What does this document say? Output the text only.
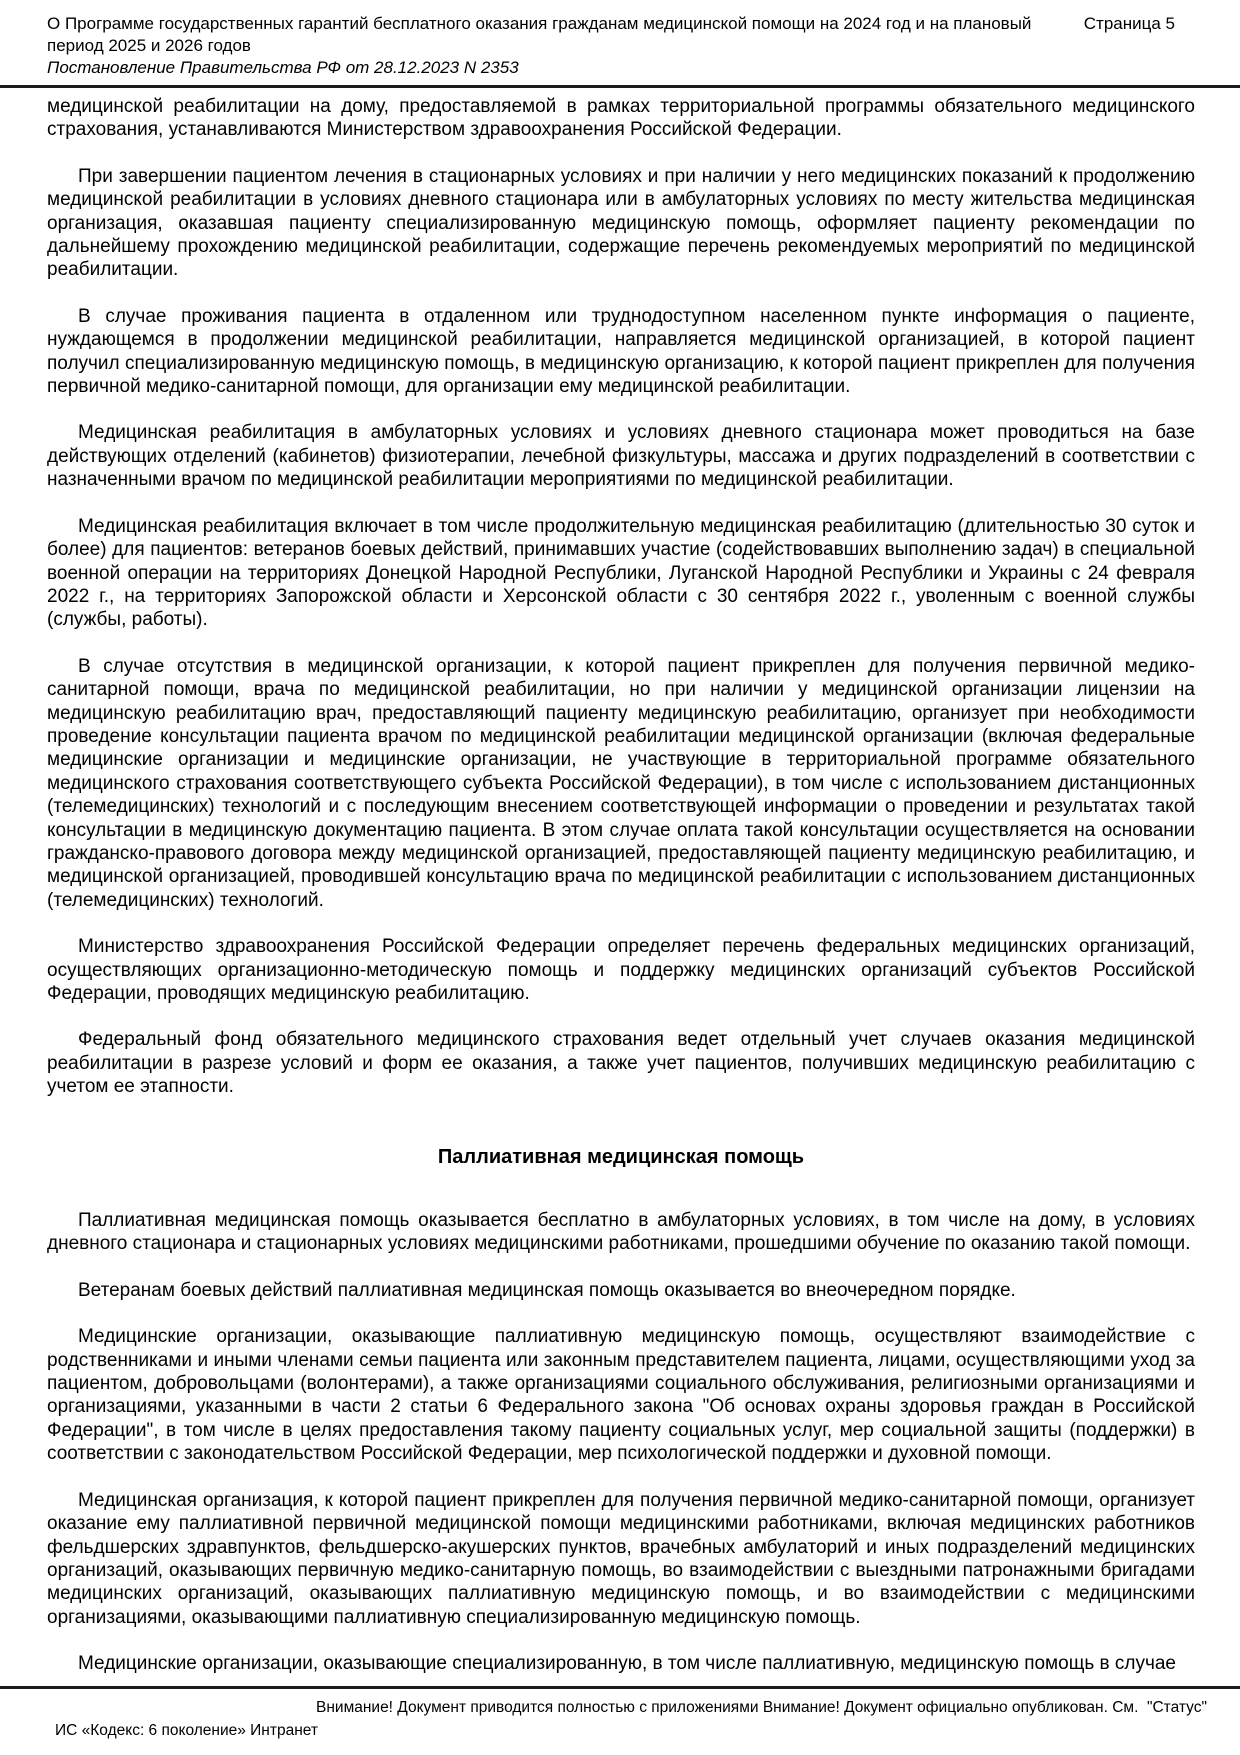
О Программе государственных гарантий бесплатного оказания гражданам медицинской помощи на 2024 год и на плановый период 2025 и 2026 годов
Страница 5
Постановление Правительства РФ от 28.12.2023 N 2353

медицинской реабилитации на дому, предоставляемой в рамках территориальной программы обязательного медицинского страхования, устанавливаются Министерством здравоохранения Российской Федерации.

При завершении пациентом лечения в стационарных условиях и при наличии у него медицинских показаний к продолжению медицинской реабилитации в условиях дневного стационара или в амбулаторных условиях по месту жительства медицинская организация, оказавшая пациенту специализированную медицинскую помощь, оформляет пациенту рекомендации по дальнейшему прохождению медицинской реабилитации, содержащие перечень рекомендуемых мероприятий по медицинской реабилитации.

В случае проживания пациента в отдаленном или труднодоступном населенном пункте информация о пациенте, нуждающемся в продолжении медицинской реабилитации, направляется медицинской организацией, в которой пациент получил специализированную медицинскую помощь, в медицинскую организацию, к которой пациент прикреплен для получения первичной медико-санитарной помощи, для организации ему медицинской реабилитации.

Медицинская реабилитация в амбулаторных условиях и условиях дневного стационара может проводиться на базе действующих отделений (кабинетов) физиотерапии, лечебной физкультуры, массажа и других подразделений в соответствии с назначенными врачом по медицинской реабилитации мероприятиями по медицинской реабилитации.

Медицинская реабилитация включает в том числе продолжительную медицинская реабилитацию (длительностью 30 суток и более) для пациентов: ветеранов боевых действий, принимавших участие (содействовавших выполнению задач) в специальной военной операции на территориях Донецкой Народной Республики, Луганской Народной Республики и Украины с 24 февраля 2022 г., на территориях Запорожской области и Херсонской области с 30 сентября 2022 г., уволенным с военной службы (службы, работы).

В случае отсутствия в медицинской организации, к которой пациент прикреплен для получения первичной медико-санитарной помощи, врача по медицинской реабилитации, но при наличии у медицинской организации лицензии на медицинскую реабилитацию врач, предоставляющий пациенту медицинскую реабилитацию, организует при необходимости проведение консультации пациента врачом по медицинской реабилитации медицинской организации (включая федеральные медицинские организации и медицинские организации, не участвующие в территориальной программе обязательного медицинского страхования соответствующего субъекта Российской Федерации), в том числе с использованием дистанционных (телемедицинских) технологий и с последующим внесением соответствующей информации о проведении и результатах такой консультации в медицинскую документацию пациента. В этом случае оплата такой консультации осуществляется на основании гражданско-правового договора между медицинской организацией, предоставляющей пациенту медицинскую реабилитацию, и медицинской организацией, проводившей консультацию врача по медицинской реабилитации с использованием дистанционных (телемедицинских) технологий.

Министерство здравоохранения Российской Федерации определяет перечень федеральных медицинских организаций, осуществляющих организационно-методическую помощь и поддержку медицинских организаций субъектов Российской Федерации, проводящих медицинскую реабилитацию.

Федеральный фонд обязательного медицинского страхования ведет отдельный учет случаев оказания медицинской реабилитации в разрезе условий и форм ее оказания, а также учет пациентов, получивших медицинскую реабилитацию с учетом ее этапности.

Паллиативная медицинская помощь

Паллиативная медицинская помощь оказывается бесплатно в амбулаторных условиях, в том числе на дому, в условиях дневного стационара и стационарных условиях медицинскими работниками, прошедшими обучение по оказанию такой помощи.

Ветеранам боевых действий паллиативная медицинская помощь оказывается во внеочередном порядке.

Медицинские организации, оказывающие паллиативную медицинскую помощь, осуществляют взаимодействие с родственниками и иными членами семьи пациента или законным представителем пациента, лицами, осуществляющими уход за пациентом, добровольцами (волонтерами), а также организациями социального обслуживания, религиозными организациями и организациями, указанными в части 2 статьи 6 Федерального закона "Об основах охраны здоровья граждан в Российской Федерации", в том числе в целях предоставления такому пациенту социальных услуг, мер социальной защиты (поддержки) в соответствии с законодательством Российской Федерации, мер психологической поддержки и духовной помощи.

Медицинская организация, к которой пациент прикреплен для получения первичной медико-санитарной помощи, организует оказание ему паллиативной первичной медицинской помощи медицинскими работниками, включая медицинских работников фельдшерских здравпунктов, фельдшерско-акушерских пунктов, врачебных амбулаторий и иных подразделений медицинских организаций, оказывающих первичную медико-санитарную помощь, во взаимодействии с выездными патронажными бригадами медицинских организаций, оказывающих паллиативную медицинскую помощь, и во взаимодействии с медицинскими организациями, оказывающими паллиативную специализированную медицинскую помощь.

Медицинские организации, оказывающие специализированную, в том числе паллиативную, медицинскую помощь в случае

Внимание! Документ приводится полностью с приложениями Внимание! Документ официально опубликован. См.  "Статус"
ИС «Кодекс: 6 поколение» Интранет
